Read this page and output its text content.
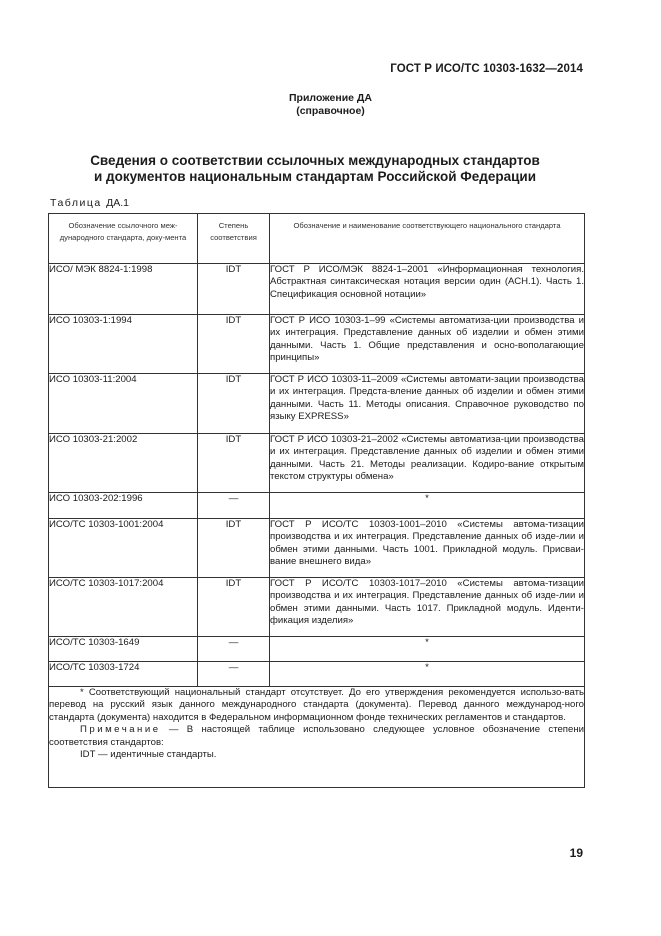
ГОСТ Р ИСО/ТС 10303-1632—2014
Приложение ДА
(справочное)
Сведения о соответствии ссылочных международных стандартов
и документов национальным стандартам Российской Федерации
Таблица ДА.1
Обозначение ссылочного меж-дународного стандарта, доку-мента	Степень соответствия	Обозначение и наименование соответствующего национального стандарта

ИСО/ МЭК 8824-1:1998	IDT	ГОСТ Р ИСО/МЭК 8824-1–2001 «Информационная технология. Абстрактная синтаксическая нотация версии один (АСН.1). Часть 1. Спецификация основной нотации»
ИСО 10303-1:1994	IDT	ГОСТ Р ИСО 10303-1–99 «Системы автоматиза-ции производства и их интеграция. Представление данных об изделии и обмен этими данными. Часть 1. Общие представления и осно-вополагающие принципы»
ИСО 10303-11:2004	IDT	ГОСТ Р ИСО 10303-11–2009 «Системы автомати-зации производства и их интеграция. Предста-вление данных об изделии и обмен этими данными. Часть 11. Методы описания. Справочное руководство по языку EXPRESS»
ИСО 10303-21:2002	IDT	ГОСТ Р ИСО 10303-21–2002 «Системы автоматиза-ции производства и их интеграция. Представление данных об изделии и обмен этими данными. Часть 21. Методы реализации. Кодиро-вание открытым текстом структуры обмена»
ИСО 10303-202:1996	—	*
ИСО/ТС 10303-1001:2004	IDT	ГОСТ Р ИСО/ТС 10303-1001–2010 «Системы автома-тизации производства и их интеграция. Представление данных об изде-лии и обмен этими данными. Часть 1001. Прикладной модуль. Присваи-вание внешнего вида»
ИСО/ТС 10303-1017:2004	IDT	ГОСТ Р ИСО/ТС 10303-1017–2010 «Системы автома-тизации производства и их интеграция. Представление данных об изде-лии и обмен этими данными. Часть 1017. Прикладной модуль. Иденти-фикация изделия»
ИСО/ТС 10303-1649	—	*
ИСО/ТС 10303-1724	—	*

* Соответствующий национальный стандарт отсутствует. До его утверждения рекомендуется использо-вать перевод на русский язык данного международного стандарта (документа). Перевод данного международ-ного стандарта (документа) находится в Федеральном информационном фонде технических регламентов и стандартов.

Примечание — В настоящей таблице использовано следующее условное обозначение степени соответствия стандартов:

IDT — идентичные стандарты.		

19
